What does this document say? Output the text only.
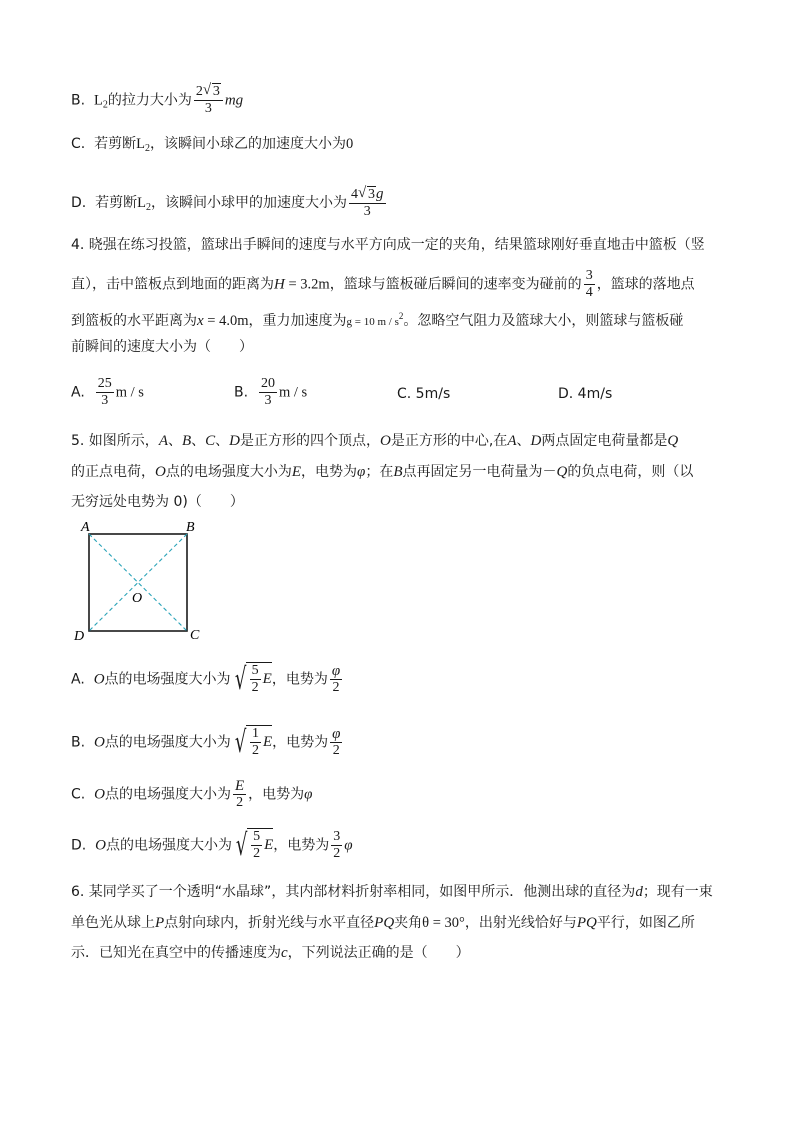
B. $L_2$的拉力大小为 $\frac{2 √ 3}{3}$ mg
C. 若剪断$L_2$，该瞬间小球乙的加速度大小为0
D. 若剪断$L_2$，该瞬间小球甲的加速度大小为 $\frac{4 √ 3g}{3}$
4. 晓强在练习投篮，篮球出手瞬间的速度与水平方向成一定的夹角，结果篮球刚好垂直地击中篮板（竖
直），击中篮板点到地面的距离为H = 3.2m，篮球与篮板碰后瞬间的速率变为碰前的 $\frac{3}{4}$ ，篮球的落地点
到篮板的水平距离为x = 4.0m，重力加速度为g = 10 m / $s^2$。忽略空气阻力及篮球大小，则篮球与篮板碰
前瞬间的速度大小为（　　）
A. $\frac{25}{3}$ m / s	B. $\frac{20}{3}$ m / s	C. 5m/s	D. 4m/s
5. 如图所示，A、B、C、D是正方形的四个顶点，O是正方形的中心,在A、D两点固定电荷量都是Q
的正点电荷，O点的电场强度大小为E，电势为φ；在B点再固定另一电荷量为－Q的负点电荷，则（以
无穷远处电势为 0)（　　）
A	B
C
D
O
A. O点的电场强度大小为 √ $\frac{5}{2}$ E ，电势为 $\frac{\varphi}{2}$
B. O点的电场强度大小为 √ $\frac{1}{2}$ E ，电势为 $\frac{\varphi}{2}$
C. O点的电场强度大小为 $\frac{E}{2}$ ，电势为φ
D. O点的电场强度大小为 √ $\frac{5}{2}$ E ，电势为 $\frac{3}{2}$ φ
6. 某同学买了一个透明“水晶球”，其内部材料折射率相同，如图甲所示．他测出球的直径为d；现有一束
单色光从球上P点射向球内，折射光线与水平直径PQ夹角θ = 30°，出射光线恰好与PQ平行，如图乙所
示．已知光在真空中的传播速度为c，下列说法正确的是（　　）
